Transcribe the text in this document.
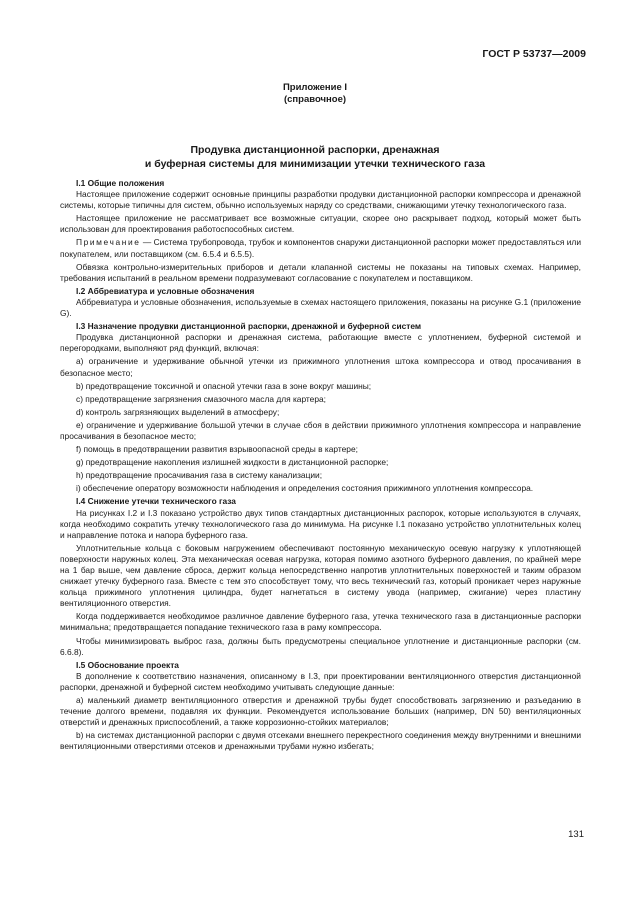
ГОСТ Р 53737—2009
Приложение I
(справочное)
Продувка дистанционной распорки, дренажная
и буферная системы для минимизации утечки технического газа
I.1 Общие положения

Настоящее приложение содержит основные принципы разработки продувки дистанционной распорки компрессора и дренажной системы, которые типичны для систем, обычно используемых наряду со средствами, снижающими утечку технологического газа.

Настоящее приложение не рассматривает все возможные ситуации, скорее оно раскрывает подход, который может быть использован для проектирования работоспособных систем.

Примечание — Система трубопровода, трубок и компонентов снаружи дистанционной распорки может предоставляться или покупателем, или поставщиком (см. 6.5.4 и 6.5.5).

Обвязка контрольно-измерительных приборов и детали клапанной системы не показаны на типовых схемах. Например, требования испытаний в реальном времени подразумевают согласование с покупателем и поставщиком.

I.2 Аббревиатура и условные обозначения

Аббревиатура и условные обозначения, используемые в схемах настоящего приложения, показаны на рисунке G.1 (приложение G).

I.3 Назначение продувки дистанционной распорки, дренажной и буферной систем

Продувка дистанционной распорки и дренажная система, работающие вместе с уплотнением, буферной системой и перегородками, выполняют ряд функций, включая:

а) ограничение и удерживание обычной утечки из прижимного уплотнения штока компрессора и отвод просачивания в безопасное место;

b) предотвращение токсичной и опасной утечки газа в зоне вокруг машины;

с) предотвращение загрязнения смазочного масла для картера;

d) контроль загрязняющих выделений в атмосферу;

е) ограничение и удерживание большой утечки в случае сбоя в действии прижимного уплотнения компрессора и направление просачивания в безопасное место;

f) помощь в предотвращении развития взрывоопасной среды в картере;

g) предотвращение накопления излишней жидкости в дистанционной распорке;

h) предотвращение просачивания газа в систему канализации;

i) обеспечение оператору возможности наблюдения и определения состояния прижимного уплотнения компрессора.

I.4 Снижение утечки технического газа

На рисунках I.2 и I.3 показано устройство двух типов стандартных дистанционных распорок, которые используются в случаях, когда необходимо сократить утечку технологического газа до минимума. На рисунке I.1 показано устройство уплотнительных колец и направление потока и напора буферного газа.

Уплотнительные кольца с боковым нагружением обеспечивают постоянную механическую осевую нагрузку к уплотняющей поверхности наружных колец. Эта механическая осевая нагрузка, которая помимо азотного буферного давления, по крайней мере на 1 бар выше, чем давление сброса, держит кольца непосредственно напротив уплотнительных поверхностей и таким образом снижает утечку буферного газа. Вместе с тем это способствует тому, что весь технический газ, который проникает через наружные кольца прижимного уплотнения цилиндра, будет нагнетаться в систему увода (например, сжигание) через пластину вентиляционного отверстия.

Когда поддерживается необходимое различное давление буферного газа, утечка технического газа в дистанционные распорки минимальна; предотвращается попадание технического газа в раму компрессора.

Чтобы минимизировать выброс газа, должны быть предусмотрены специальное уплотнение и дистанционные распорки (см. 6.6.8).

I.5 Обоснование проекта

В дополнение к соответствию назначения, описанному в I.3, при проектировании вентиляционного отверстия дистанционной распорки, дренажной и буферной систем необходимо учитывать следующие данные:

а) маленький диаметр вентиляционного отверстия и дренажной трубы будет способствовать загрязнению и разъеданию в течение долгого времени, подавляя их функции. Рекомендуется использование больших (например, DN 50) вентиляционных отверстий и дренажных приспособлений, а также коррозионно-стойких материалов;

b) на системах дистанционной распорки с двумя отсеками внешнего перекрестного соединения между внутренними и внешними вентиляционными отверстиями отсеков и дренажными трубами нужно избегать;

131
